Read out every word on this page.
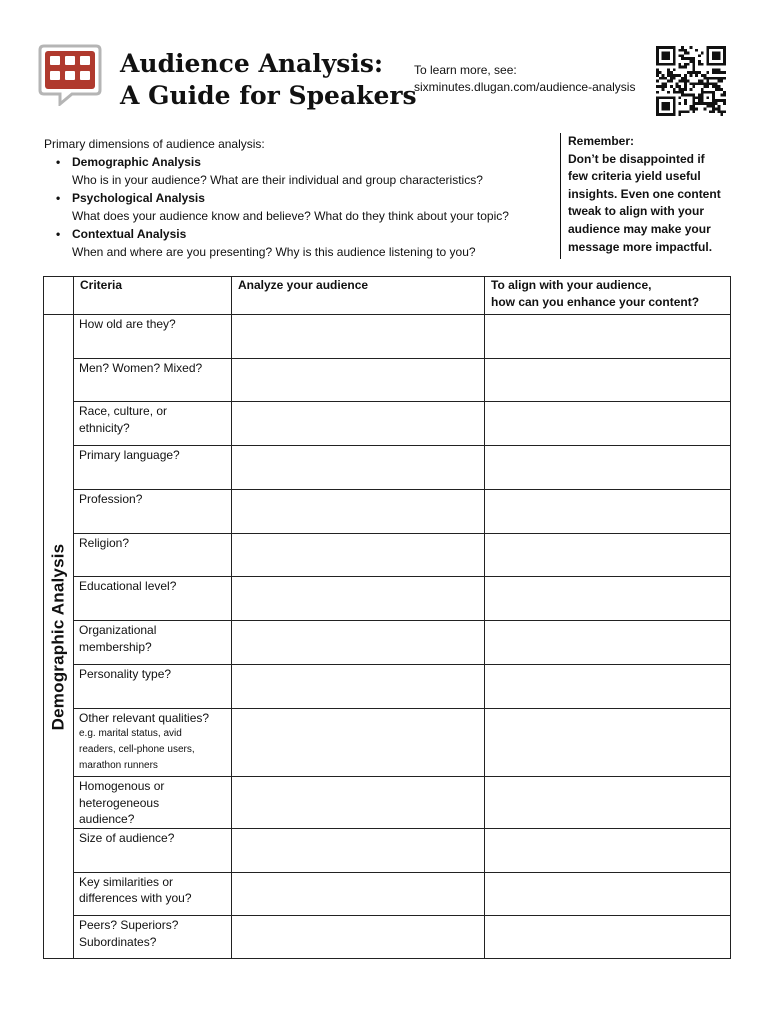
Audience Analysis:
A Guide for Speakers
To learn more, see:
sixminutes.dlugan.com/audience-analysis
Primary dimensions of audience analysis:
• Demographic Analysis
Who is in your audience? What are their individual and group characteristics?
• Psychological Analysis
What does your audience know and believe? What do they think about your topic?
• Contextual Analysis
When and where are you presenting? Why is this audience listening to you?
Remember:
Don’t be disappointed if
few criteria yield useful
insights. Even one content
tweak to align with your
audience may make your
message more impactful.
Demographic Analysis
Criteria	Analyze your audience	To align with your audience,
how can you enhance your content?
How old are they?
Men? Women? Mixed?
Race, culture, or
ethnicity?
Primary language?
Profession?
Religion?
Educational level?
Organizational
membership?
Personality type?
Other relevant qualities?
e.g. marital status, avid
readers, cell-phone users,
marathon runners
Homogenous or
heterogeneous
audience?
Size of audience?
Key similarities or
differences with you?
Peers? Superiors?
Subordinates?
